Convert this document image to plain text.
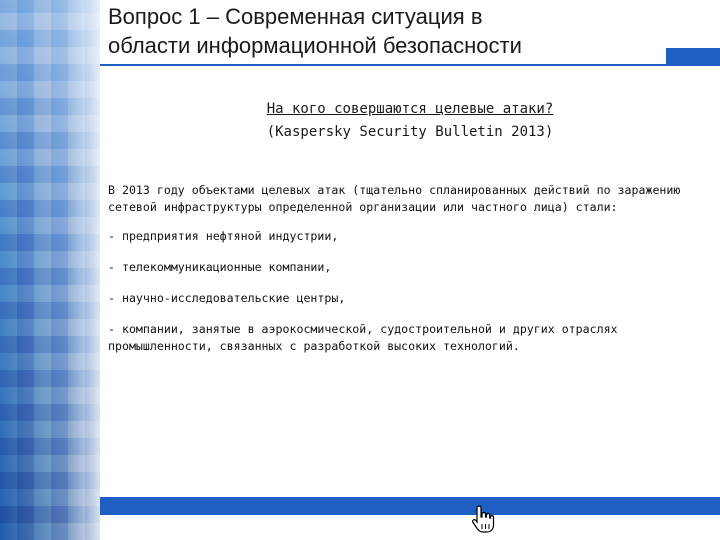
Вопрос 1 – Современная ситуация в
области информационной безопасности
На кого совершаются целевые атаки?
(Kaspersky Security Bulletin 2013)

В 2013 году объектами целевых атак (тщательно спланированных действий по заражению сетевой инфраструктуры определенной организации или частного лица) стали:

- предприятия нефтяной индустрии,

- телекоммуникационные компании,

- научно-исследовательские центры,

- компании, занятые в аэрокосмической, судостроительной и других отраслях промышленности, связанных с разработкой высоких технологий.
